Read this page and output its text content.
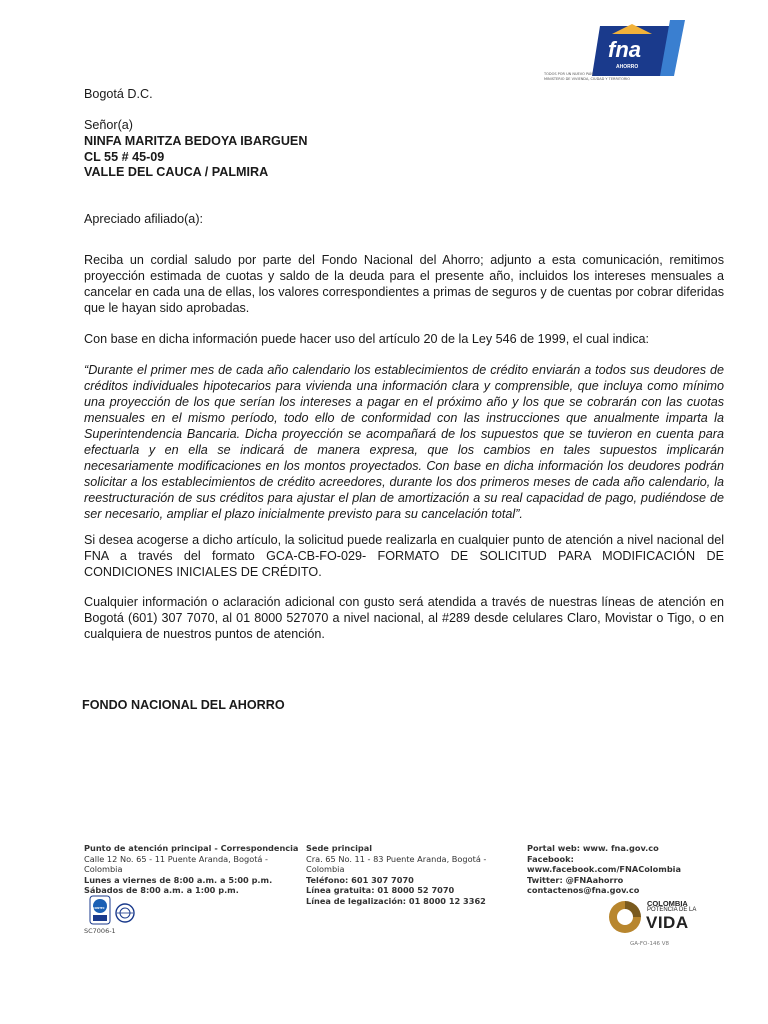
fna
AHORRO
TODOS POR UN NUEVO PAÍS
MINISTERIO DE VIVIENDA, CIUDAD Y TERRITORIO
Bogotá D.C.
Señor(a)
NINFA MARITZA BEDOYA IBARGUEN
CL 55 # 45-09
VALLE DEL CAUCA / PALMIRA
Apreciado afiliado(a):

Reciba un cordial saludo por parte del Fondo Nacional del Ahorro; adjunto a esta comunicación, remitimos proyección estimada de cuotas y saldo de la deuda para el presente año, incluidos los intereses mensuales a cancelar en cada una de ellas, los valores correspondientes a primas de seguros y de cuentas por cobrar diferidas que le hayan sido aprobadas.

Con base en dicha información puede hacer uso del artículo 20 de la Ley 546 de 1999, el cual indica:

“Durante el primer mes de cada año calendario los establecimientos de crédito enviarán a todos sus deudores de créditos individuales hipotecarios para vivienda una información clara y comprensible, que incluya como mínimo una proyección de los que serían los intereses a pagar en el próximo año y los que se cobrarán con las cuotas mensuales en el mismo período, todo ello de conformidad con las instrucciones que anualmente imparta la Superintendencia Bancaria. Dicha proyección se acompañará de los supuestos que se tuvieron en cuenta para efectuarla y en ella se indicará de manera expresa, que los cambios en tales supuestos implicarán necesariamente modificaciones en los montos proyectados. Con base en dicha información los deudores podrán solicitar a los establecimientos de crédito acreedores, durante los dos primeros meses de cada año calendario, la reestructuración de sus créditos para ajustar el plan de amortización a su real capacidad de pago, pudiéndose de ser necesario, ampliar el plazo inicialmente previsto para su cancelación total”.

Si desea acogerse a dicho artículo, la solicitud puede realizarla en cualquier punto de atención a nivel nacional del FNA a través del formato GCA-CB-FO-029- FORMATO DE SOLICITUD PARA MODIFICACIÓN DE CONDICIONES INICIALES DE CRÉDITO.

Cualquier información o aclaración adicional con gusto será atendida a través de nuestras líneas de atención en Bogotá (601) 307 7070, al 01 8000 527070 a nivel nacional, al #289 desde celulares Claro, Movistar o Tigo, o en cualquiera de nuestros puntos de atención.

FONDO NACIONAL DEL AHORRO
Punto de atención principal - Correspondencia
Calle 12 No. 65 - 11 Puente Aranda, Bogotá - Colombia
Lunes a viernes de 8:00 a.m. a 5:00 p.m.
Sábados de 8:00 a.m. a 1:00 p.m.
Sede principal
Cra. 65 No. 11 - 83 Puente Aranda, Bogotá - Colombia
Teléfono: 601 307 7070
Línea gratuita: 01 8000 52 7070
Línea de legalización: 01 8000 12 3362
Portal web: www. fna.gov.co
Facebook: www.facebook.com/FNAColombia
Twitter: @FNAahorro
contactenos@fna.gov.co
ICONTEC
SC7006-1
COLOMBIA
POTENCIA DE LA
VIDA
GA-FO-146 V8
